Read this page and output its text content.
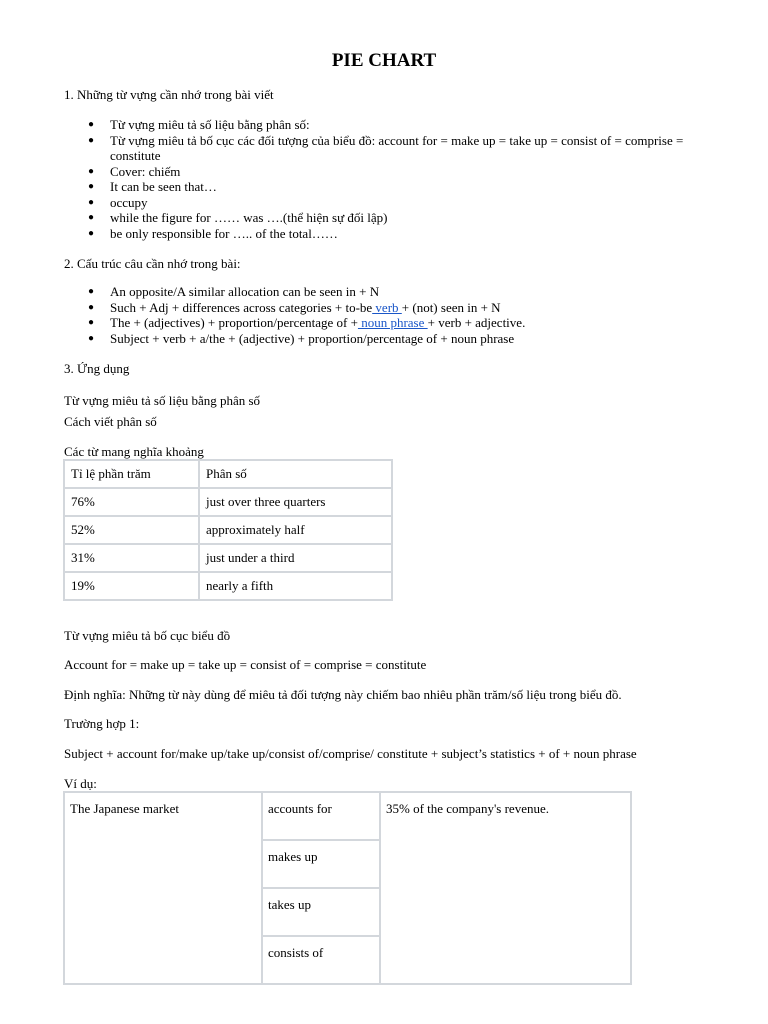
PIE CHART
1. Những từ vựng cần nhớ trong bài viết
● Từ vựng miêu tả số liệu bằng phân số:
● Từ vựng miêu tả bố cục các đối tượng của biểu đồ: account for = make up = take up = consist of = comprise =
constitute
● Cover: chiếm
● It can be seen that…
● occupy
● while the figure for …… was ….(thể hiện sự đối lập)
● be only responsible for ….. of the total……
2. Cấu trúc câu cần nhớ trong bài:
● An opposite/A similar allocation can be seen in + N
● Such + Adj + differences across categories + to-be verb + (not) seen in + N
● The + (adjectives) + proportion/percentage of + noun phrase + verb + adjective.
● Subject + verb + a/the + (adjective) + proportion/percentage of + noun phrase
3. Ứng dụng
Từ vựng miêu tả số liệu bằng phân số
Cách viết phân số
Các từ mang nghĩa khoảng
Tỉ lệ phần trăm	Phân số
76%	just over three quarters
52%	approximately half
31%	just under a third
19%	nearly a fifth
Từ vựng miêu tả bố cục biểu đồ
Account for = make up = take up = consist of = comprise = constitute
Định nghĩa: Những từ này dùng để miêu tả đối tượng này chiếm bao nhiêu phần trăm/số liệu trong biểu đồ.
Trường hợp 1:
Subject + account for/make up/take up/consist of/comprise/ constitute + subject’s statistics + of + noun phrase
Ví dụ:
The Japanese market	accounts for	35% of the company's revenue.
makes up
takes up
consists of
